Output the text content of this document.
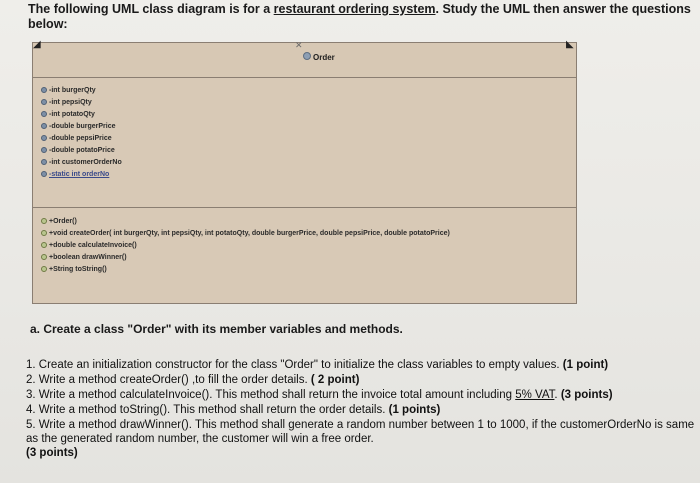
The following UML class diagram is for a restaurant ordering system. Study the UML then answer the questions below:
✕
◢	◣
Order
-int burgerQty
-int pepsiQty
-int potatoQty
-double burgerPrice
-double pepsiPrice
-double potatoPrice
-int customerOrderNo
-static int orderNo
+Order()
+void createOrder( int burgerQty, int pepsiQty, int potatoQty, double burgerPrice, double pepsiPrice, double potatoPrice)
+double calculateInvoice()
+boolean drawWinner()
+String toString()
a. Create a class "Order" with its member variables and methods.
1. Create an initialization constructor for the class "Order" to initialize the class variables to empty values. (1 point)
2. Write a method createOrder() ,to fill the order details. ( 2 point)
3. Write a method calculateInvoice(). This method shall return the invoice total amount including 5% VAT. (3 points)
4. Write a method toString(). This method shall return the order details. (1 points)
5. Write a method drawWinner(). This method shall generate a random number between 1 to 1000, if the customerOrderNo is same as the generated random number, the customer will win a free order.
(3 points)
